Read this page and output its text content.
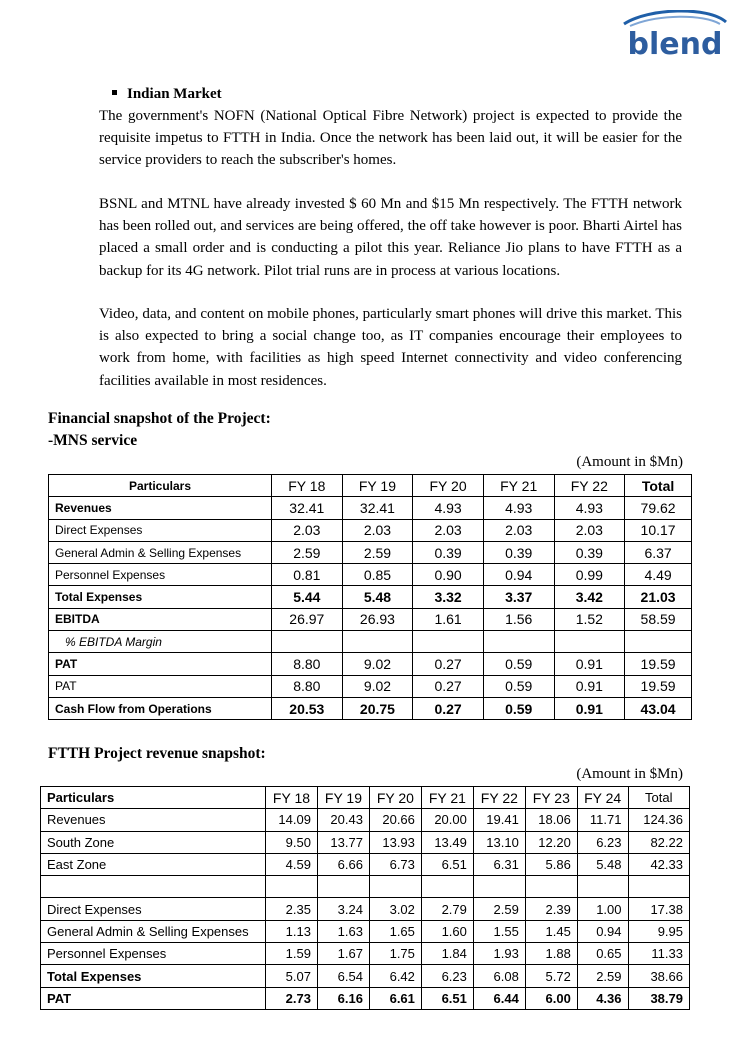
blend
Indian Market

The government's NOFN (National Optical Fibre Network) project is expected to provide the requisite impetus to FTTH in India. Once the network has been laid out, it will be easier for the service providers to reach the subscriber's homes.

BSNL and MTNL have already invested $ 60 Mn and $15 Mn respectively. The FTTH network has been rolled out, and services are being offered, the off take however is poor. Bharti Airtel has placed a small order and is conducting a pilot this year. Reliance Jio plans to have FTTH as a backup for its 4G network. Pilot trial runs are in process at various locations.

Video, data, and content on mobile phones, particularly smart phones will drive this market. This is also expected to bring a social change too, as IT companies encourage their employees to work from home, with facilities as high speed Internet connectivity and video conferencing facilities available in most residences.

Financial snapshot of the Project:
-MNS service
(Amount in $Mn)
Particulars	FY 18	FY 19	FY 20	FY 21	FY 22	Total
Revenues	32.41	32.41	4.93	4.93	4.93	79.62
Direct Expenses	2.03	2.03	2.03	2.03	2.03	10.17
General Admin & Selling Expenses	2.59	2.59	0.39	0.39	0.39	6.37
Personnel Expenses	0.81	0.85	0.90	0.94	0.99	4.49
Total Expenses	5.44	5.48	3.32	3.37	3.42	21.03
EBITDA	26.97	26.93	1.61	1.56	1.52	58.59
% EBITDA Margin						
PAT	8.80	9.02	0.27	0.59	0.91	19.59
PAT	8.80	9.02	0.27	0.59	0.91	19.59
Cash Flow from Operations	20.53	20.75	0.27	0.59	0.91	43.04
FTTH Project revenue snapshot:
(Amount in $Mn)
Particulars	FY 18	FY 19	FY 20	FY 21	FY 22	FY 23	FY 24	Total
Revenues	14.09	20.43	20.66	20.00	19.41	18.06	11.71	124.36
South Zone	9.50	13.77	13.93	13.49	13.10	12.20	6.23	82.22
East Zone	4.59	6.66	6.73	6.51	6.31	5.86	5.48	42.33

Direct Expenses	2.35	3.24	3.02	2.79	2.59	2.39	1.00	17.38
General Admin & Selling Expenses	1.13	1.63	1.65	1.60	1.55	1.45	0.94	9.95
Personnel Expenses	1.59	1.67	1.75	1.84	1.93	1.88	0.65	11.33
Total Expenses	5.07	6.54	6.42	6.23	6.08	5.72	2.59	38.66
PAT	2.73	6.16	6.61	6.51	6.44	6.00	4.36	38.79
